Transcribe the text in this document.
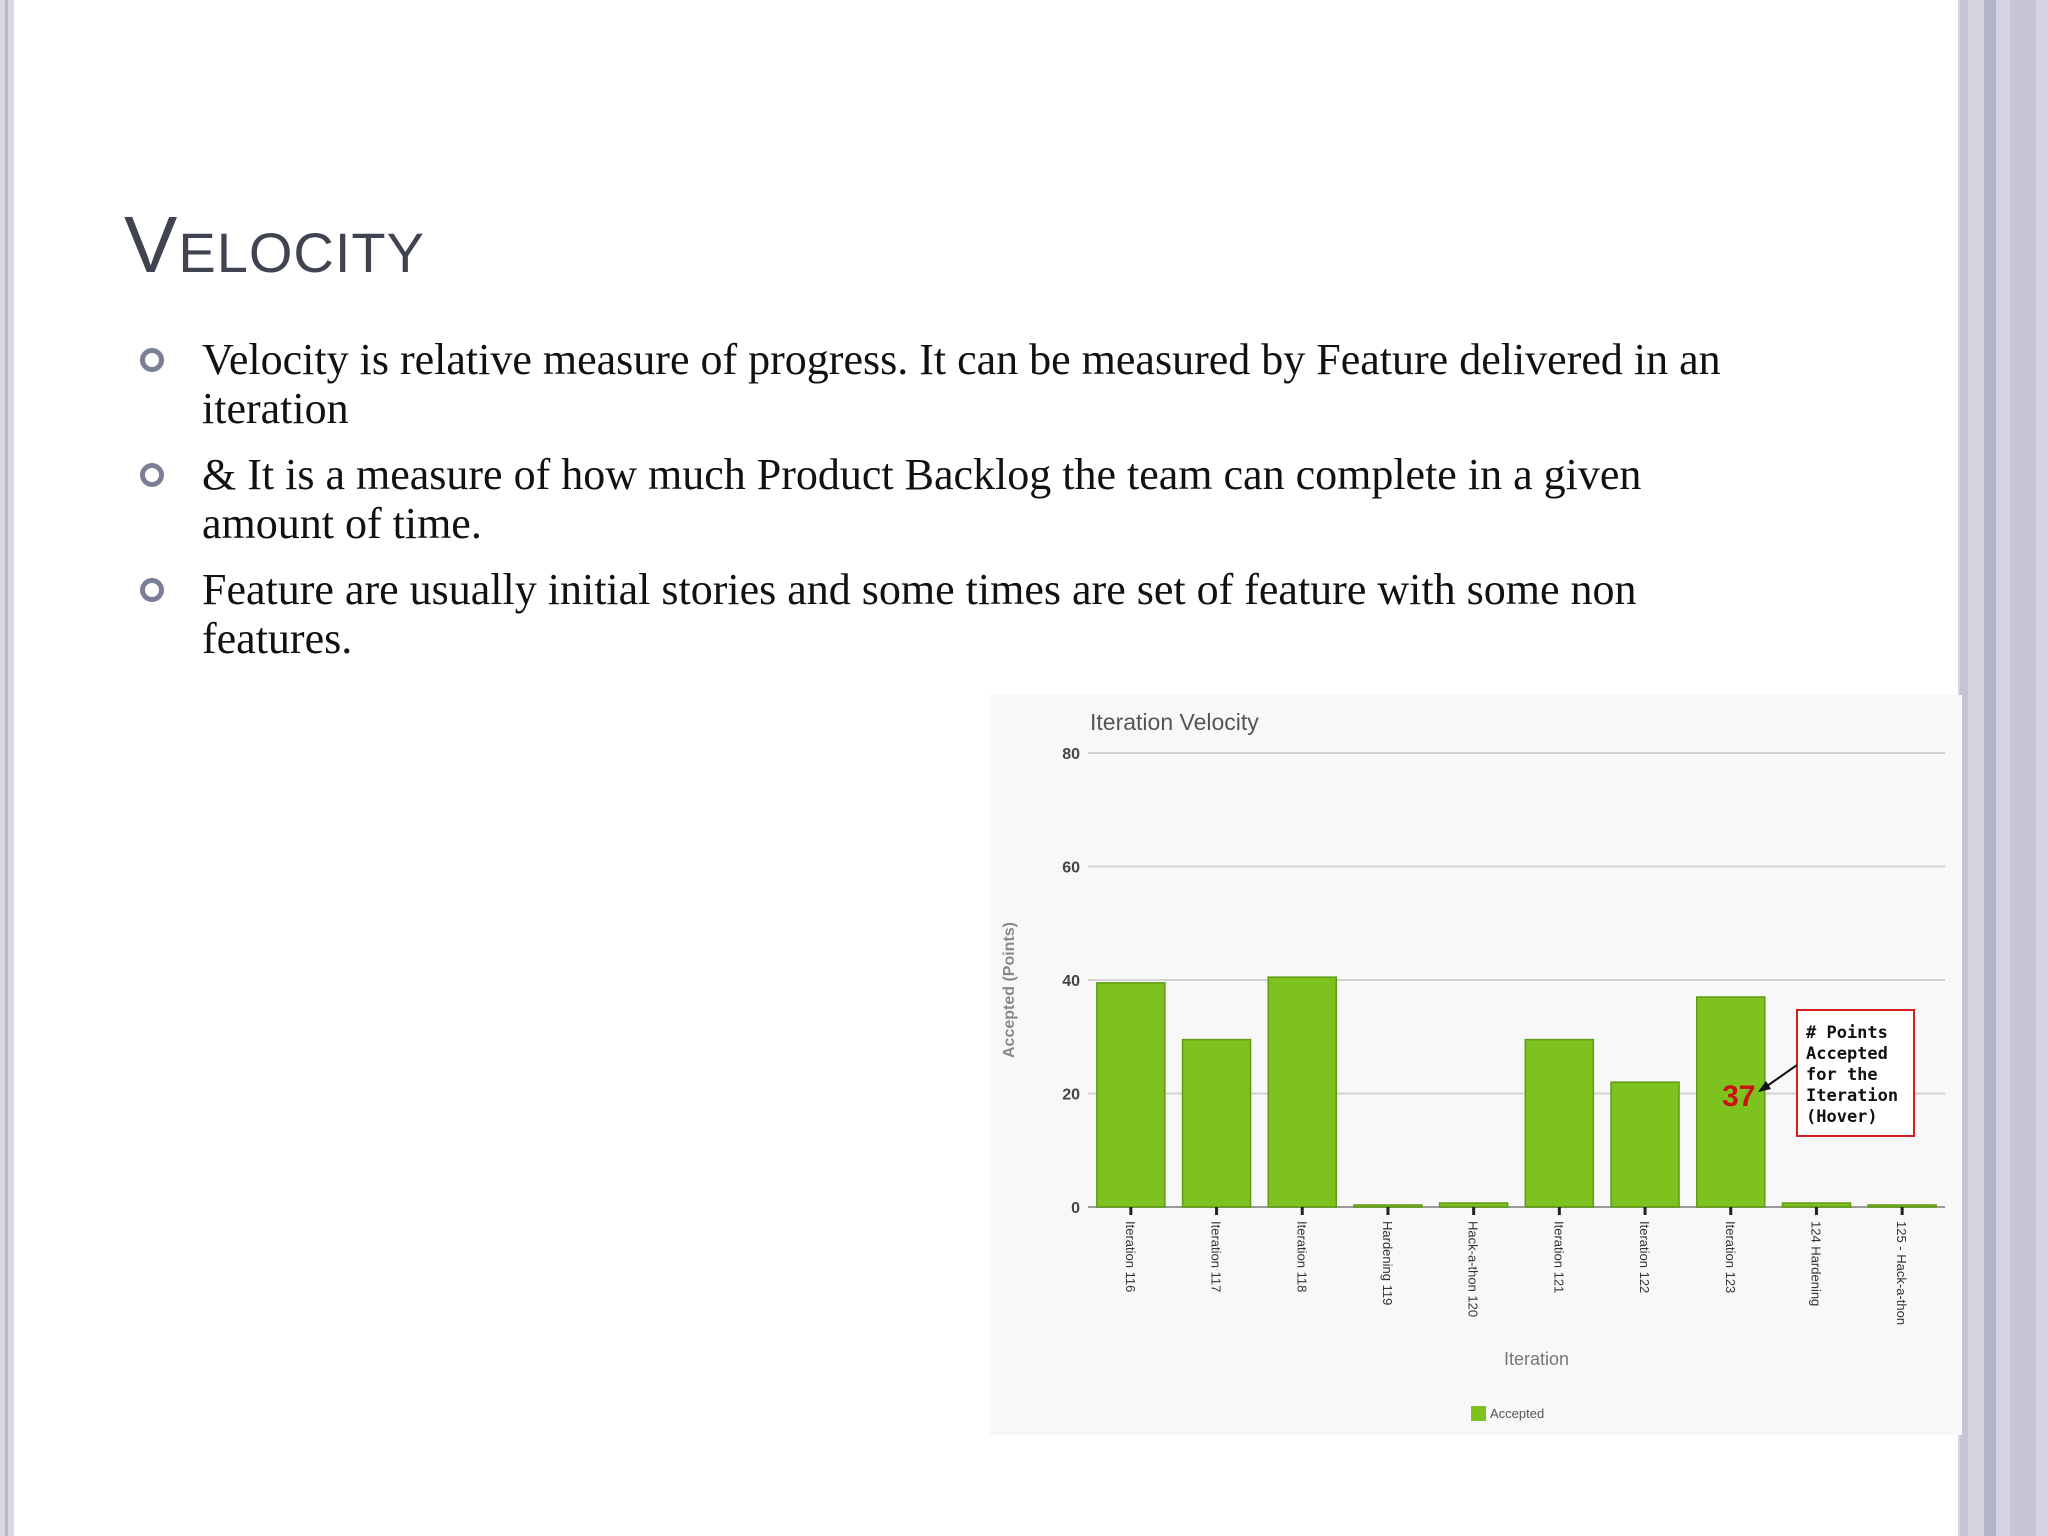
Velocity
Velocity is relative measure of progress. It can be measured by Feature delivered in an iteration
& It is a measure of how much Product Backlog the team can complete in a given amount of time.
Feature are usually initial stories and some times are set of feature with some non features.
Iteration Velocity
0
20
40
60
80
Accepted (Points)
Iteration 116	Iteration 117	Iteration 118	Hardening 119	Hack-a-thon 120	Iteration 121	Iteration 122	Iteration 123	124 Hardening	125 - Hack-a-thon
Iteration
Accepted
37
# Points
Accepted
for the
Iteration
(Hover)
